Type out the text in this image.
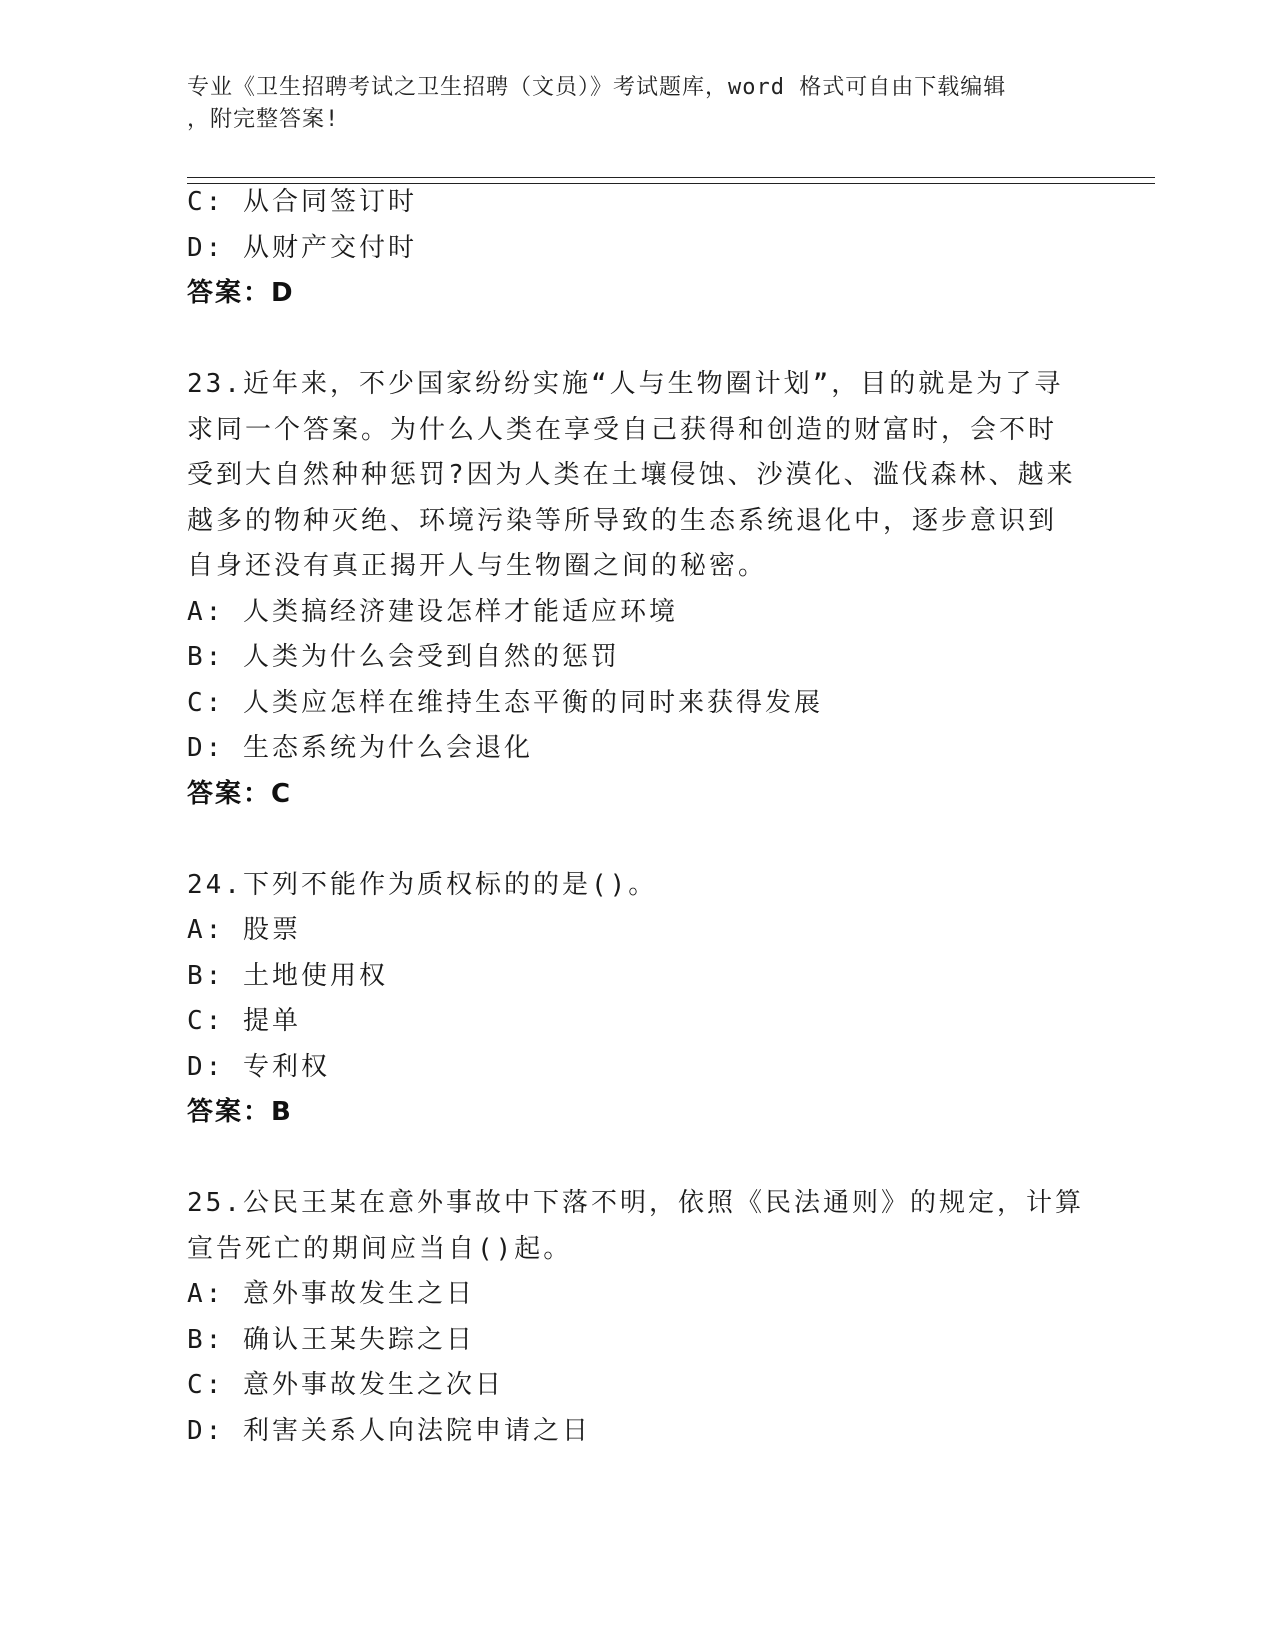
专业《卫生招聘考试之卫生招聘（文员）》考试题库，word 格式可自由下载编辑
，附完整答案!
C: 从合同签订时
D: 从财产交付时
答案：D
23.近年来，不少国家纷纷实施“人与生物圈计划”，目的就是为了寻
求同一个答案。为什么人类在享受自己获得和创造的财富时，会不时
受到大自然种种惩罚?因为人类在土壤侵蚀、沙漠化、滥伐森林、越来
越多的物种灭绝、环境污染等所导致的生态系统退化中，逐步意识到
自身还没有真正揭开人与生物圈之间的秘密。
A: 人类搞经济建设怎样才能适应环境
B: 人类为什么会受到自然的惩罚
C: 人类应怎样在维持生态平衡的同时来获得发展
D: 生态系统为什么会退化
答案：C
24.下列不能作为质权标的的是()。
A: 股票
B: 土地使用权
C: 提单
D: 专利权
答案：B
25.公民王某在意外事故中下落不明，依照《民法通则》的规定，计算
宣告死亡的期间应当自()起。
A: 意外事故发生之日
B: 确认王某失踪之日
C: 意外事故发生之次日
D: 利害关系人向法院申请之日
